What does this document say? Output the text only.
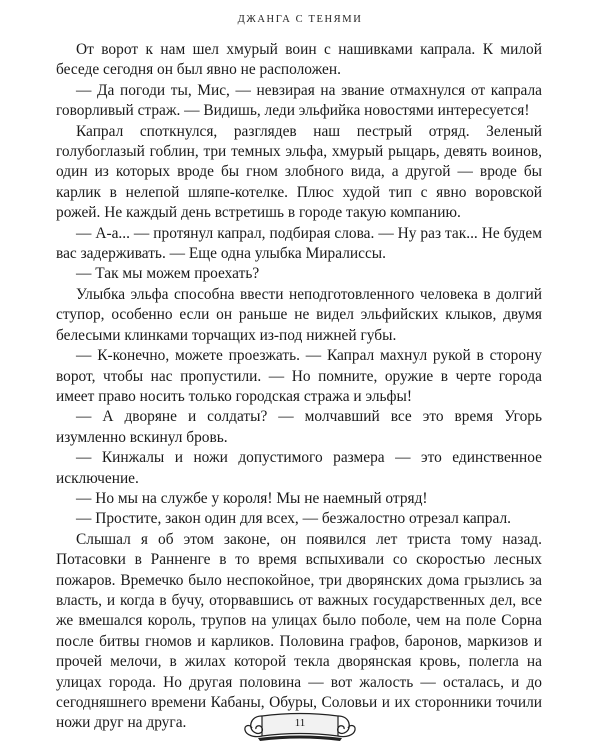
ДЖАНГА С ТЕНЯМИ

От ворот к нам шел хмурый воин с нашивками капрала. К милой беседе сегодня он был явно не расположен.

— Да погоди ты, Мис, — невзирая на звание отмахнулся от капрала говорливый страж. — Видишь, леди эльфийка новостями интересуется!

Капрал споткнулся, разглядев наш пестрый отряд. Зеленый голубоглазый гоблин, три темных эльфа, хмурый рыцарь, девять воинов, один из которых вроде бы гном злобного вида, а другой — вроде бы карлик в нелепой шляпе-котелке. Плюс худой тип с явно воровской рожей. Не каждый день встретишь в городе такую компанию.

— А-а... — протянул капрал, подбирая слова. — Ну раз так... Не будем вас задерживать. — Еще одна улыбка Миралиссы.

— Так мы можем проехать?

Улыбка эльфа способна ввести неподготовленного человека в долгий ступор, особенно если он раньше не видел эльфийских клыков, двумя белесыми клинками торчащих из-под нижней губы.

— К-конечно, можете проезжать. — Капрал махнул рукой в сторону ворот, чтобы нас пропустили. — Но помните, оружие в черте города имеет право носить только городская стража и эльфы!

— А дворяне и солдаты? — молчавший все это время Угорь изумленно вскинул бровь.

— Кинжалы и ножи допустимого размера — это единственное исключение.

— Но мы на службе у короля! Мы не наемный отряд!

— Простите, закон один для всех, — безжалостно отрезал капрал.

Слышал я об этом законе, он появился лет триста тому назад. Потасовки в Ранненге в то время вспыхивали со скоростью лесных пожаров. Времечко было неспокойное, три дворянских дома грызлись за власть, и когда в бучу, оторвавшись от важных государственных дел, все же вмешался король, трупов на улицах было поболе, чем на поле Сорна после битвы гномов и карликов. Половина графов, баронов, маркизов и прочей мелочи, в жилах которой текла дворянская кровь, полегла на улицах города. Но другая половина — вот жалость — осталась, и до сегодняшнего времени Кабаны, Обуры, Соловьи и их сторонники точили ножи друг на друга.	11
